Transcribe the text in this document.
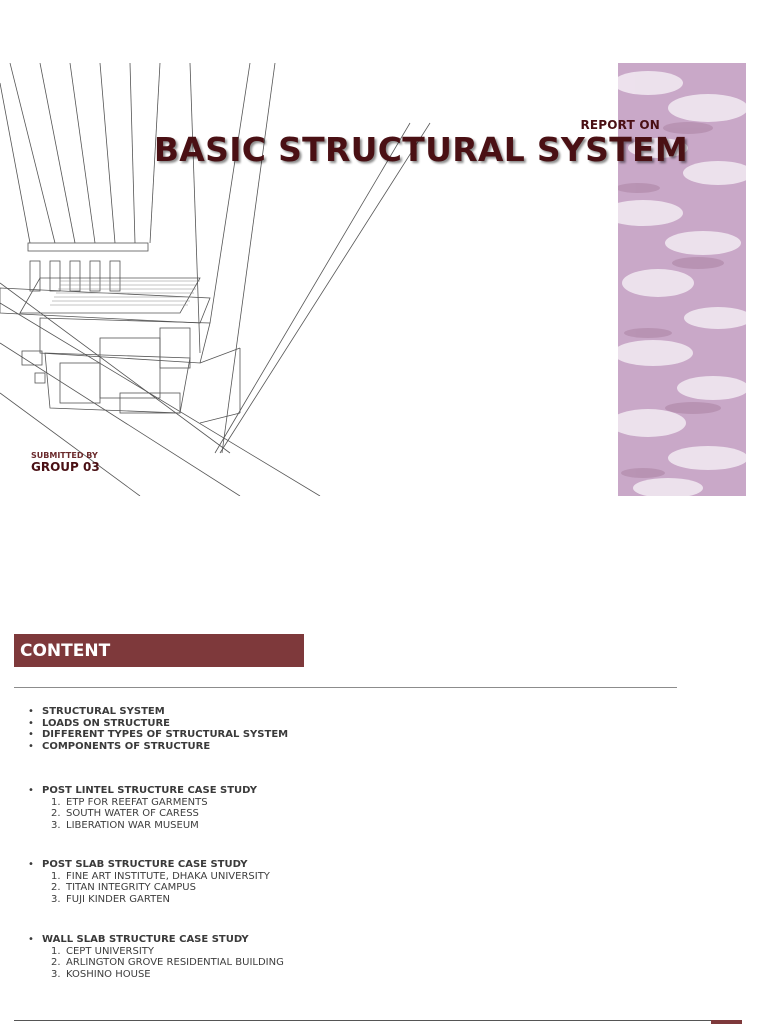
REPORT ON
BASIC STRUCTURAL SYSTEM
SUBMITTED BY
GROUP 03
CONTENT
• STRUCTURAL SYSTEM
• LOADS ON STRUCTURE
• DIFFERENT TYPES OF STRUCTURAL SYSTEM
• COMPONENTS OF STRUCTURE
• POST LINTEL STRUCTURE CASE STUDY
1. ETP FOR REEFAT GARMENTS
2. SOUTH WATER OF CARESS
3. LIBERATION WAR MUSEUM
• POST SLAB STRUCTURE CASE STUDY
1. FINE ART INSTITUTE, DHAKA UNIVERSITY
2. TITAN INTEGRITY CAMPUS
3. FUJI KINDER GARTEN
• WALL SLAB STRUCTURE CASE STUDY
1. CEPT UNIVERSITY
2. ARLINGTON GROVE RESIDENTIAL BUILDING
3. KOSHINO HOUSE
